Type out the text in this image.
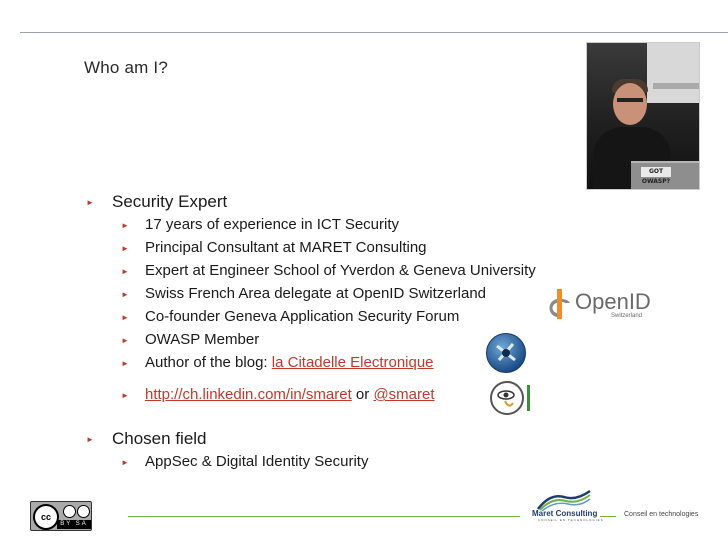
Who am I?
GOT OWASP?
► Security Expert
► 17 years of experience in ICT Security
► Principal Consultant at MARET Consulting
► Expert at Engineer School of Yverdon & Geneva University
► Swiss French Area delegate at OpenID Switzerland
► Co-founder Geneva Application Security Forum
► OWASP Member
► Author of the blog: la Citadelle Electronique
► http://ch.linkedin.com/in/smaret or @smaret
► Chosen field
► AppSec & Digital Identity Security
OpenID
Switzerland
cc
BY SA
Maret Consulting
CONSEIL EN TECHNOLOGIES
Conseil en technologies
